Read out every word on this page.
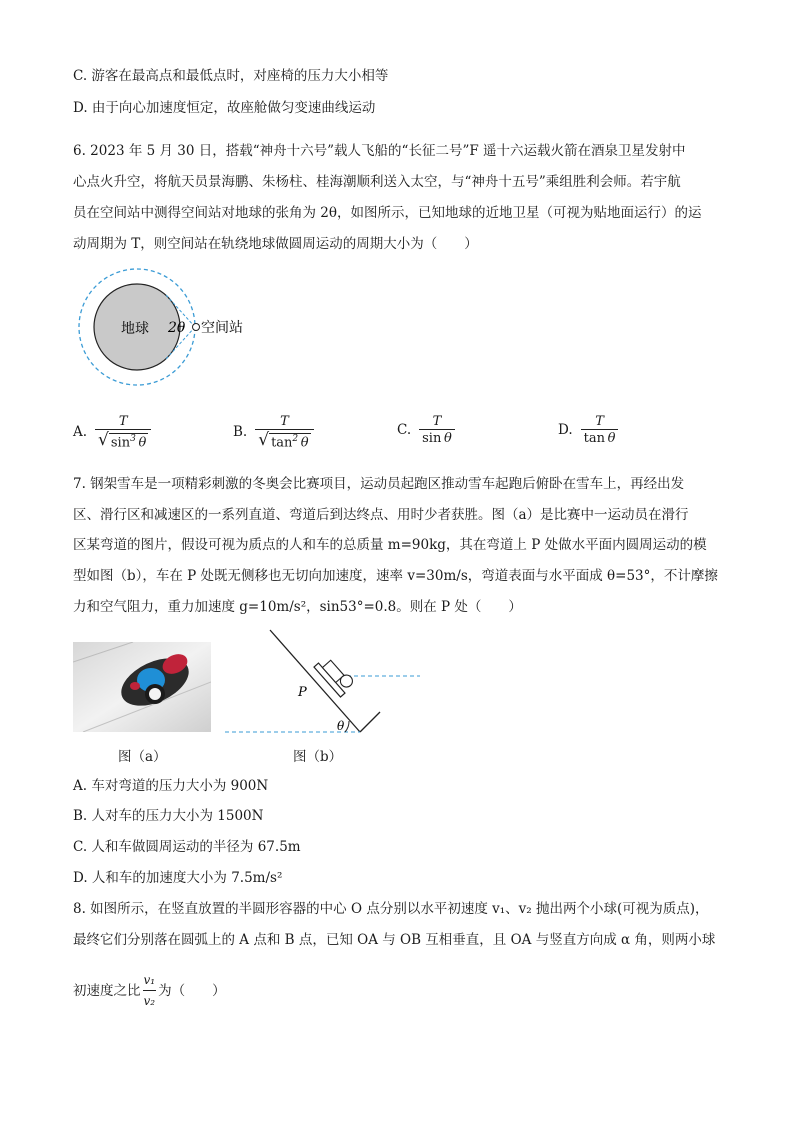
C. 游客在最高点和最低点时，对座椅的压力大小相等
D. 由于向心加速度恒定，故座舱做匀变速曲线运动
6. 2023 年 5 月 30 日，搭载“神舟十六号”载人飞船的“长征二号”F 遥十六运载火箭在酒泉卫星发射中
心点火升空，将航天员景海鹏、朱杨柱、桂海潮顺利送入太空，与“神舟十五号”乘组胜利会师。若宇航
员在空间站中测得空间站对地球的张角为 2θ，如图所示，已知地球的近地卫星（可视为贴地面运行）的运
动周期为 T，则空间站在轨绕地球做圆周运动的周期大小为（　　）
地球 2θ 空间站
A. $\frac{T}{√ \sin^3 \theta}$	B. $\frac{T}{√ \tan^2 \theta}$	C. T
sin
  θ	D. T
tan
  θ
7. 钢架雪车是一项精彩刺激的冬奥会比赛项目，运动员起跑区推动雪车起跑后俯卧在雪车上，再经出发
区、滑行区和减速区的一系列直道、弯道后到达终点、用时少者获胜。图（a）是比赛中一运动员在滑行
区某弯道的图片，假设可视为质点的人和车的总质量 m=90kg，其在弯道上 P 处做水平面内圆周运动的模
型如图（b），车在 P 处既无侧移也无切向加速度，速率 v=30m/s，弯道表面与水平面成 θ=53°，不计摩擦
力和空气阻力，重力加速度 g=10m/s²，sin53°=0.8。则在 P 处（　　）
图（a）
P
θ
图（b）
A. 车对弯道的压力大小为 900N
B. 人对车的压力大小为 1500N
C. 人和车做圆周运动的半径为 67.5m
D. 人和车的加速度大小为 7.5m/s²
8. 如图所示，在竖直放置的半圆形容器的中心 O 点分别以水平初速度 v₁、v₂ 抛出两个小球(可视为质点)，
最终它们分别落在圆弧上的 A 点和 B 点，已知 OA 与 OB 互相垂直，且 OA 与竖直方向成 α 角，则两小球
初速度之比 $\frac{\text{v₁}}{\text{v₂}}$ 为（　　）
